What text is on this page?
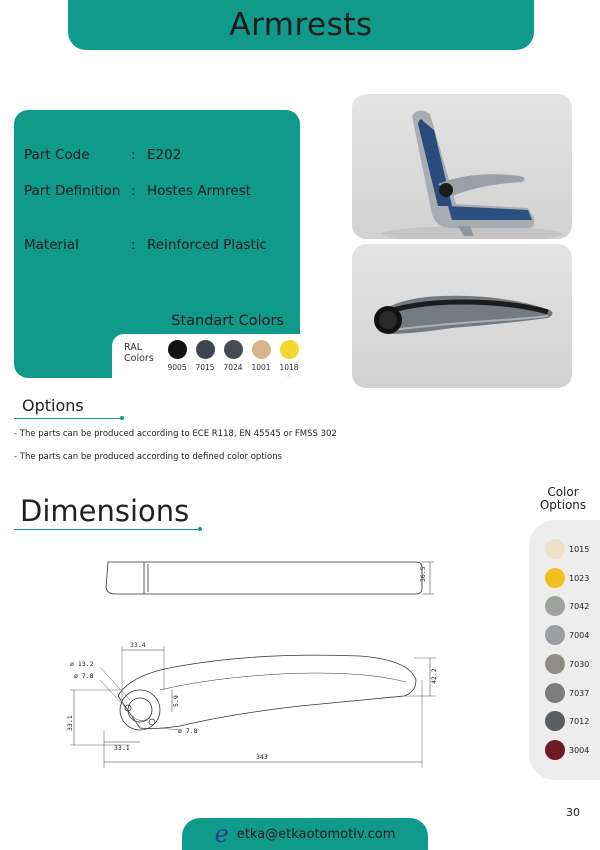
Armrests
Part Code	: E202
Part Definition : Hostes Armrest
Material	: Reinforced Plastic
Standart Colors
RAL
Colors
9005	7015	7024	1001	1018
Options
- The parts can be produced according to ECE R118, EN 45545 or FMSS 302
- The parts can be produced according to defined color options
Dimensions
36.5
33.4
ø 13.2
ø 7.8
5.9
ø 7.8
33.1
33.1
42.2
343
Color
Options
1015
1023
7042
7004
7030
7037
7012
3004
30
e etka@etkaotomotiv.com
